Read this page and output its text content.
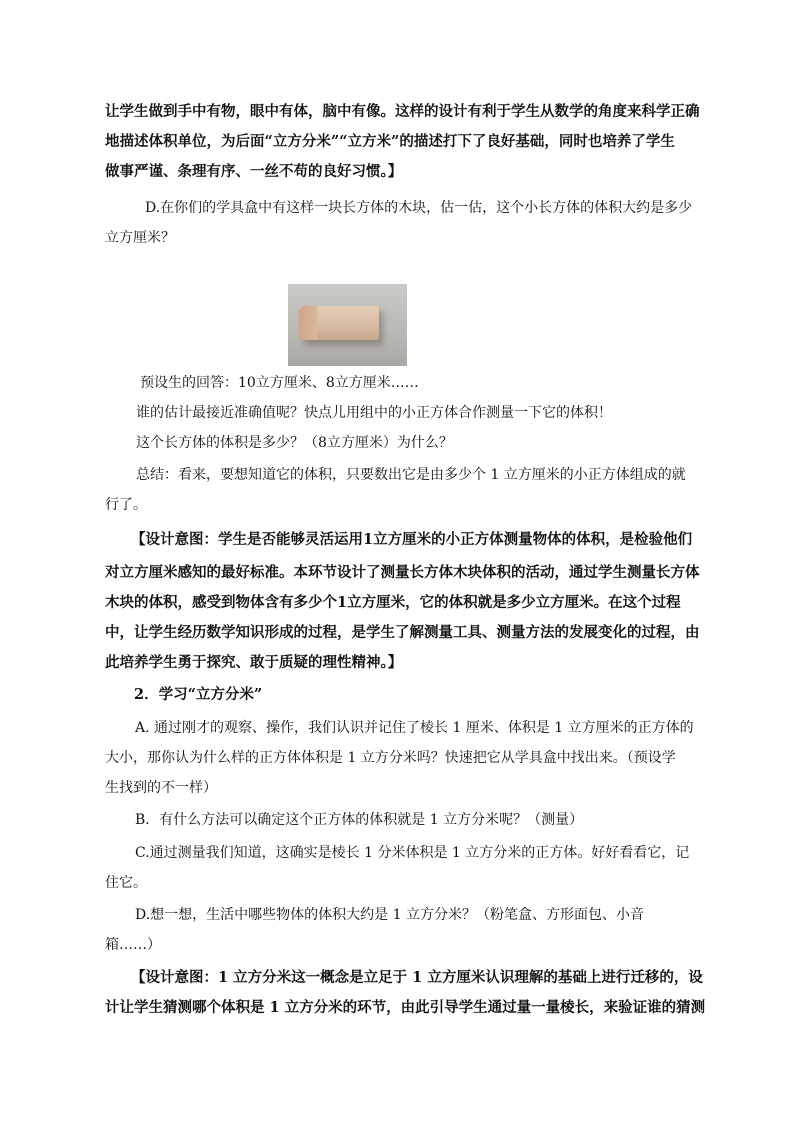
让学生做到手中有物，眼中有体，脑中有像。这样的设计有利于学生从数学的角度来科学正确
地描述体积单位，为后面“立方分米”“立方米”的描述打下了良好基础，同时也培养了学生
做事严谨、条理有序、一丝不苟的良好习惯。】
D.在你们的学具盒中有这样一块长方体的木块，估一估，这个小长方体的体积大约是多少
立方厘米？
预设生的回答：10立方厘米、8立方厘米……
谁的估计最接近准确值呢？快点儿用组中的小正方体合作测量一下它的体积！
这个长方体的体积是多少？（8立方厘米）为什么？
总结：看来，要想知道它的体积，只要数出它是由多少个 1 立方厘米的小正方体组成的就
行了。
【设计意图：学生是否能够灵活运用1立方厘米的小正方体测量物体的体积，是检验他们
对立方厘米感知的最好标准。本环节设计了测量长方体木块体积的活动，通过学生测量长方体
木块的体积，感受到物体含有多少个1立方厘米，它的体积就是多少立方厘米。在这个过程
中，让学生经历数学知识形成的过程，是学生了解测量工具、测量方法的发展变化的过程，由
此培养学生勇于探究、敢于质疑的理性精神。】
2．学习“立方分米”
A. 通过刚才的观察、操作，我们认识并记住了棱长 1 厘米、体积是 1 立方厘米的正方体的
大小，那你认为什么样的正方体体积是 1 立方分米吗？快速把它从学具盒中找出来。（预设学
生找到的不一样）
B．有什么方法可以确定这个正方体的体积就是 1 立方分米呢？（测量）
C.通过测量我们知道，这确实是棱长 1 分米体积是 1 立方分米的正方体。好好看看它，记
住它。
D.想一想，生活中哪些物体的体积大约是 1 立方分米？（粉笔盒、方形面包、小音
箱……）
【设计意图：1 立方分米这一概念是立足于 1 立方厘米认识理解的基础上进行迁移的，设
计让学生猜测哪个体积是 1 立方分米的环节，由此引导学生通过量一量棱长，来验证谁的猜测
